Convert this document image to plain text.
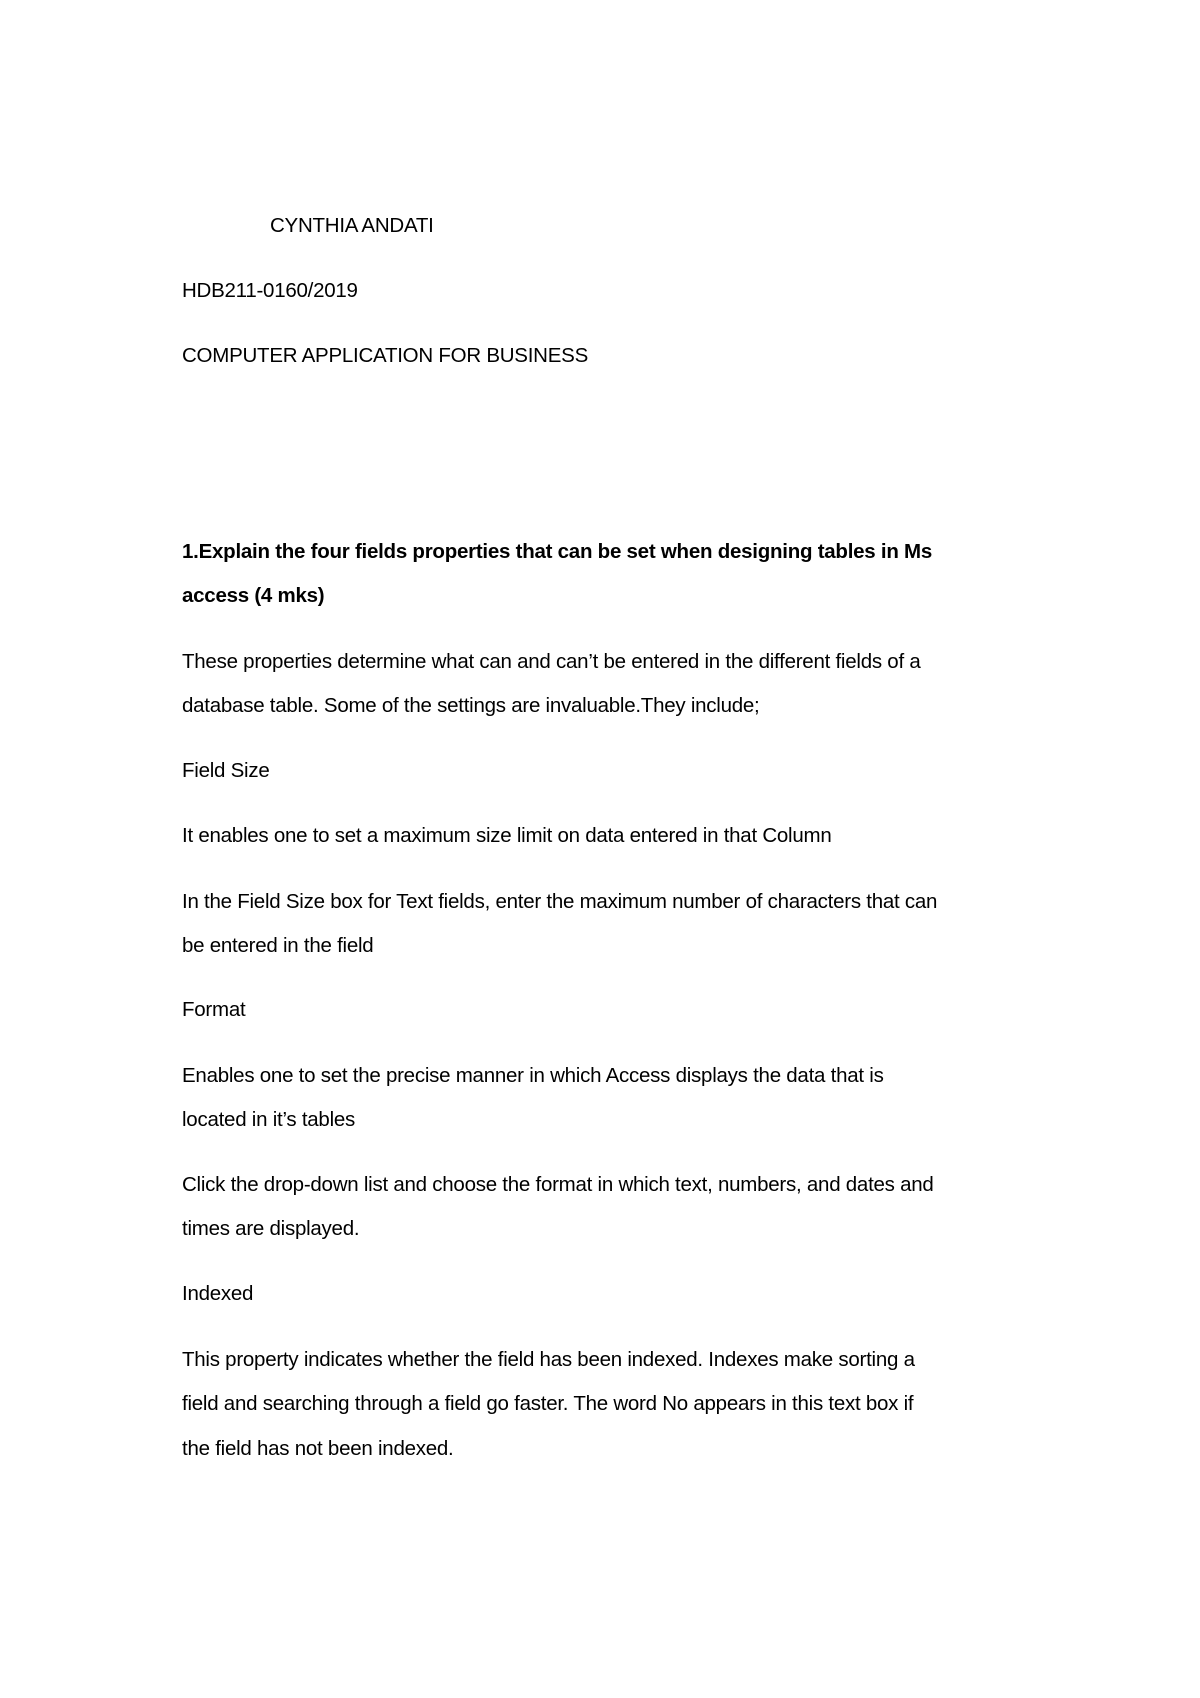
CYNTHIA ANDATI

HDB211-0160/2019

COMPUTER APPLICATION FOR BUSINESS

1.Explain the four fields properties that can be set when designing tables in Ms

access (4 mks)

These properties determine what can and can’t be entered in the different fields of a

database table. Some of the settings are invaluable.They include;

Field Size

It enables one to set a maximum size limit on data entered in that Column

In the Field Size box for Text fields, enter the maximum number of characters that can

be entered in the field

Format

Enables one to set the precise manner in which Access displays the data that is

located in it’s tables

Click the drop-down list and choose the format in which text, numbers, and dates and

times are displayed.

Indexed

This property indicates whether the field has been indexed. Indexes make sorting a

field and searching through a field go faster. The word No appears in this text box if

the field has not been indexed.
